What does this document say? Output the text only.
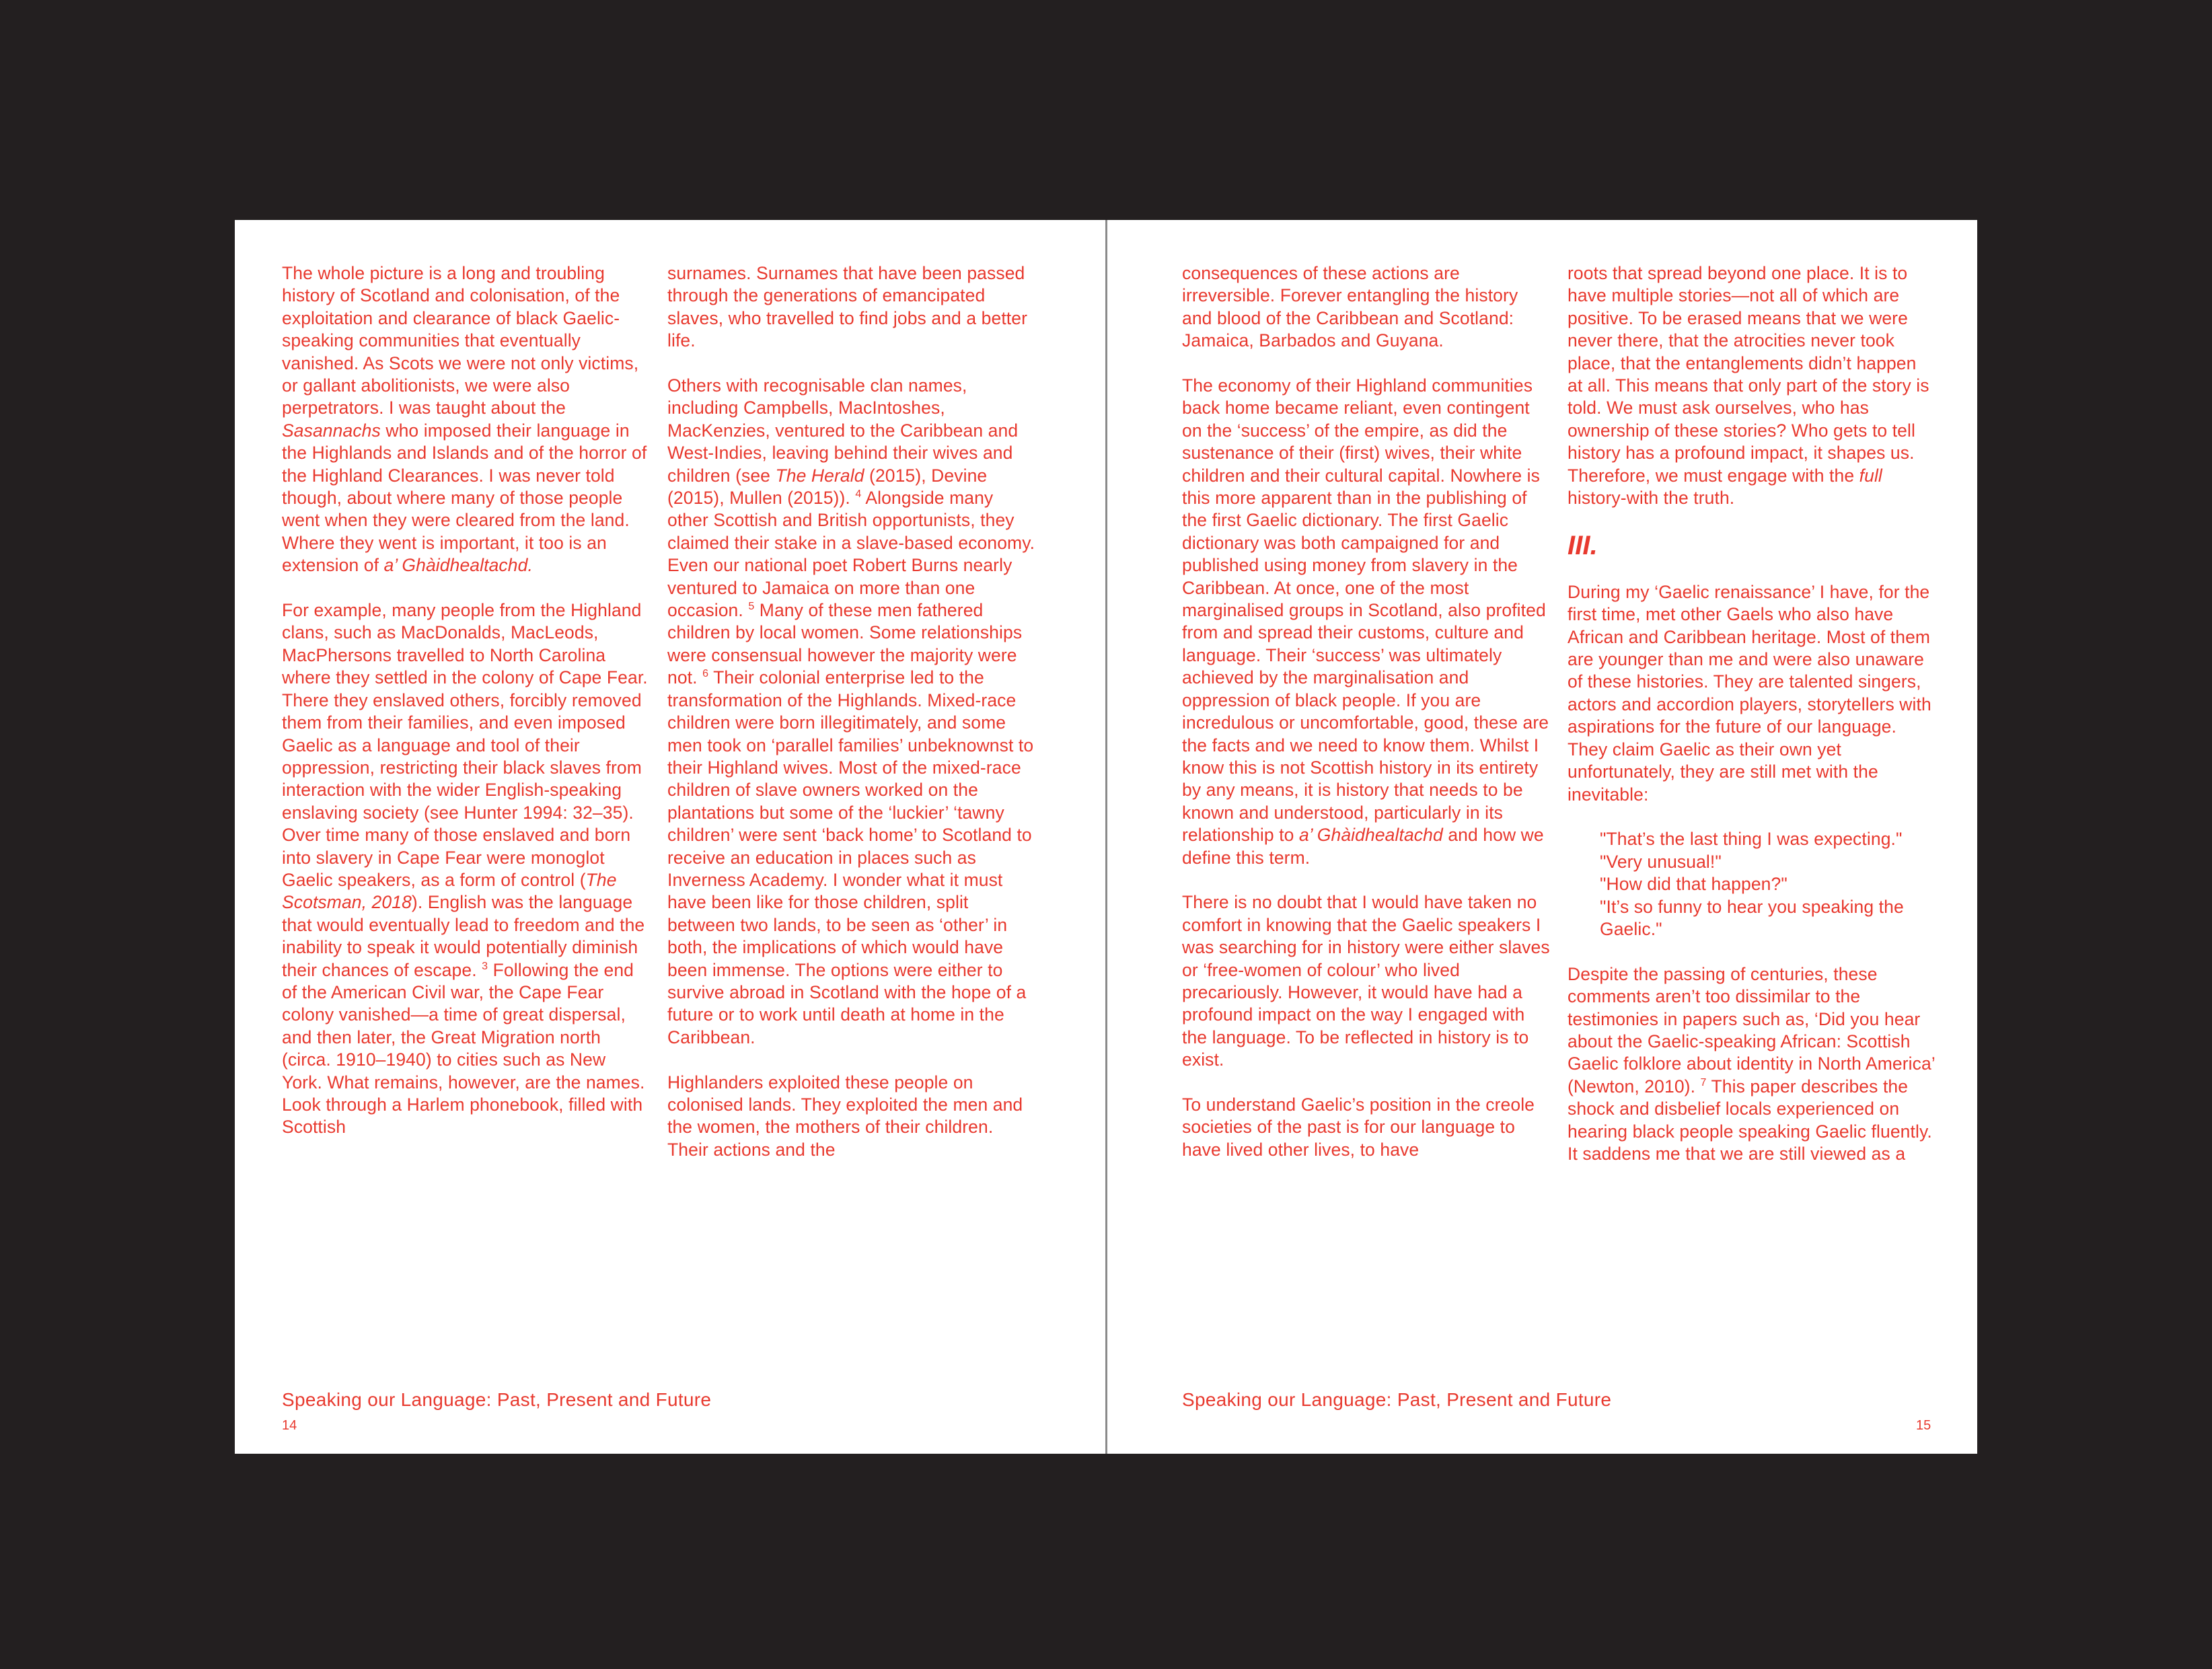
The whole picture is a long and troubling history of Scotland and colonisation, of the exploitation and clearance of black Gaelic-speaking communities that eventually vanished. As Scots we were not only victims, or gallant abolitionists, we were also perpetrators. I was taught about the Sasannachs who imposed their language in the Highlands and Islands and of the horror of the Highland Clearances. I was never told though, about where many of those people went when they were cleared from the land. Where they went is important, it too is an extension of a’ Ghàidhealtachd.

For example, many people from the Highland clans, such as MacDonalds, MacLeods, MacPhersons travelled to North Carolina where they settled in the colony of Cape Fear. There they enslaved others, forcibly removed them from their families, and even imposed Gaelic as a language and tool of their oppression, restricting their black slaves from interaction with the wider English-speaking enslaving society (see Hunter 1994: 32–35). Over time many of those enslaved and born into slavery in Cape Fear were monoglot Gaelic speakers, as a form of control (The Scotsman, 2018). English was the language that would eventually lead to freedom and the inability to speak it would potentially diminish their chances of escape. $^3$ Following the end of the American Civil war, the Cape Fear colony vanished—a time of great dispersal, and then later, the Great Migration north (circa. 1910–1940) to cities such as New York. What remains, however, are the names. Look through a Harlem phonebook, filled with Scottish

surnames. Surnames that have been passed through the generations of emancipated slaves, who travelled to find jobs and a better life.

Others with recognisable clan names, including Campbells, MacIntoshes, MacKenzies, ventured to the Caribbean and West-Indies, leaving behind their wives and children (see The Herald (2015), Devine (2015), Mullen (2015)). $^4$ Alongside many other Scottish and British opportunists, they claimed their stake in a slave-based economy. Even our national poet Robert Burns nearly ventured to Jamaica on more than one occasion. $^5$ Many of these men fathered children by local women. Some relationships were consensual however the majority were not. $^6$ Their colonial enterprise led to the transformation of the Highlands. Mixed-race children were born illegitimately, and some men took on ‘parallel families’ unbeknownst to their Highland wives. Most of the mixed-race children of slave owners worked on the plantations but some of the ‘luckier’ ‘tawny children’ were sent ‘back home’ to Scotland to receive an education in places such as Inverness Academy. I wonder what it must have been like for those children, split between two lands, to be seen as ‘other’ in both, the implications of which would have been immense. The options were either to survive abroad in Scotland with the hope of a future or to work until death at home in the Caribbean.

Highlanders exploited these people on colonised lands. They exploited the men and the women, the mothers of their children. Their actions and the

consequences of these actions are irreversible. Forever entangling the history and blood of the Caribbean and Scotland: Jamaica, Barbados and Guyana.

The economy of their Highland communities back home became reliant, even contingent on the ‘success’ of the empire, as did the sustenance of their (first) wives, their white children and their cultural capital. Nowhere is this more apparent than in the publishing of the first Gaelic dictionary. The first Gaelic dictionary was both campaigned for and published using money from slavery in the Caribbean. At once, one of the most marginalised groups in Scotland, also profited from and spread their customs, culture and language. Their ‘success’ was ultimately achieved by the marginalisation and oppression of black people. If you are incredulous or uncomfortable, good, these are the facts and we need to know them. Whilst I know this is not Scottish history in its entirety by any means, it is history that needs to be known and understood, particularly in its relationship to a’ Ghàidhealtachd and how we define this term.

There is no doubt that I would have taken no comfort in knowing that the Gaelic speakers I was searching for in history were either slaves or ‘free-women of colour’ who lived precariously. However, it would have had a profound impact on the way I engaged with the language. To be reflected in history is to exist.

To understand Gaelic’s position in the creole societies of the past is for our language to have lived other lives, to have

roots that spread beyond one place. It is to have multiple stories—not all of which are positive. To be erased means that we were never there, that the atrocities never took place, that the entanglements didn’t happen at all. This means that only part of the story is told. We must ask ourselves, who has ownership of these stories? Who gets to tell history has a profound impact, it shapes us. Therefore, we must engage with the full history-with the truth.

III.

During my ‘Gaelic renaissance’ I have, for the first time, met other Gaels who also have African and Caribbean heritage. Most of them are younger than me and were also unaware of these histories. They are talented singers, actors and accordion players, storytellers with aspirations for the future of our language. They claim Gaelic as their own yet unfortunately, they are still met with the inevitable:

"That’s the last thing I was expecting."
"Very unusual!"
"How did that happen?"
"It’s so funny to hear you speaking the Gaelic."

Despite the passing of centuries, these comments aren’t too dissimilar to the testimonies in papers such as, ‘Did you hear about the Gaelic-speaking African: Scottish Gaelic folklore about identity in North America’ (Newton, 2010). $^7$ This paper describes the shock and disbelief locals experienced on hearing black people speaking Gaelic fluently. It saddens me that we are still viewed as a

Speaking our Language: Past, Present and Future
14
Speaking our Language: Past, Present and Future
15
